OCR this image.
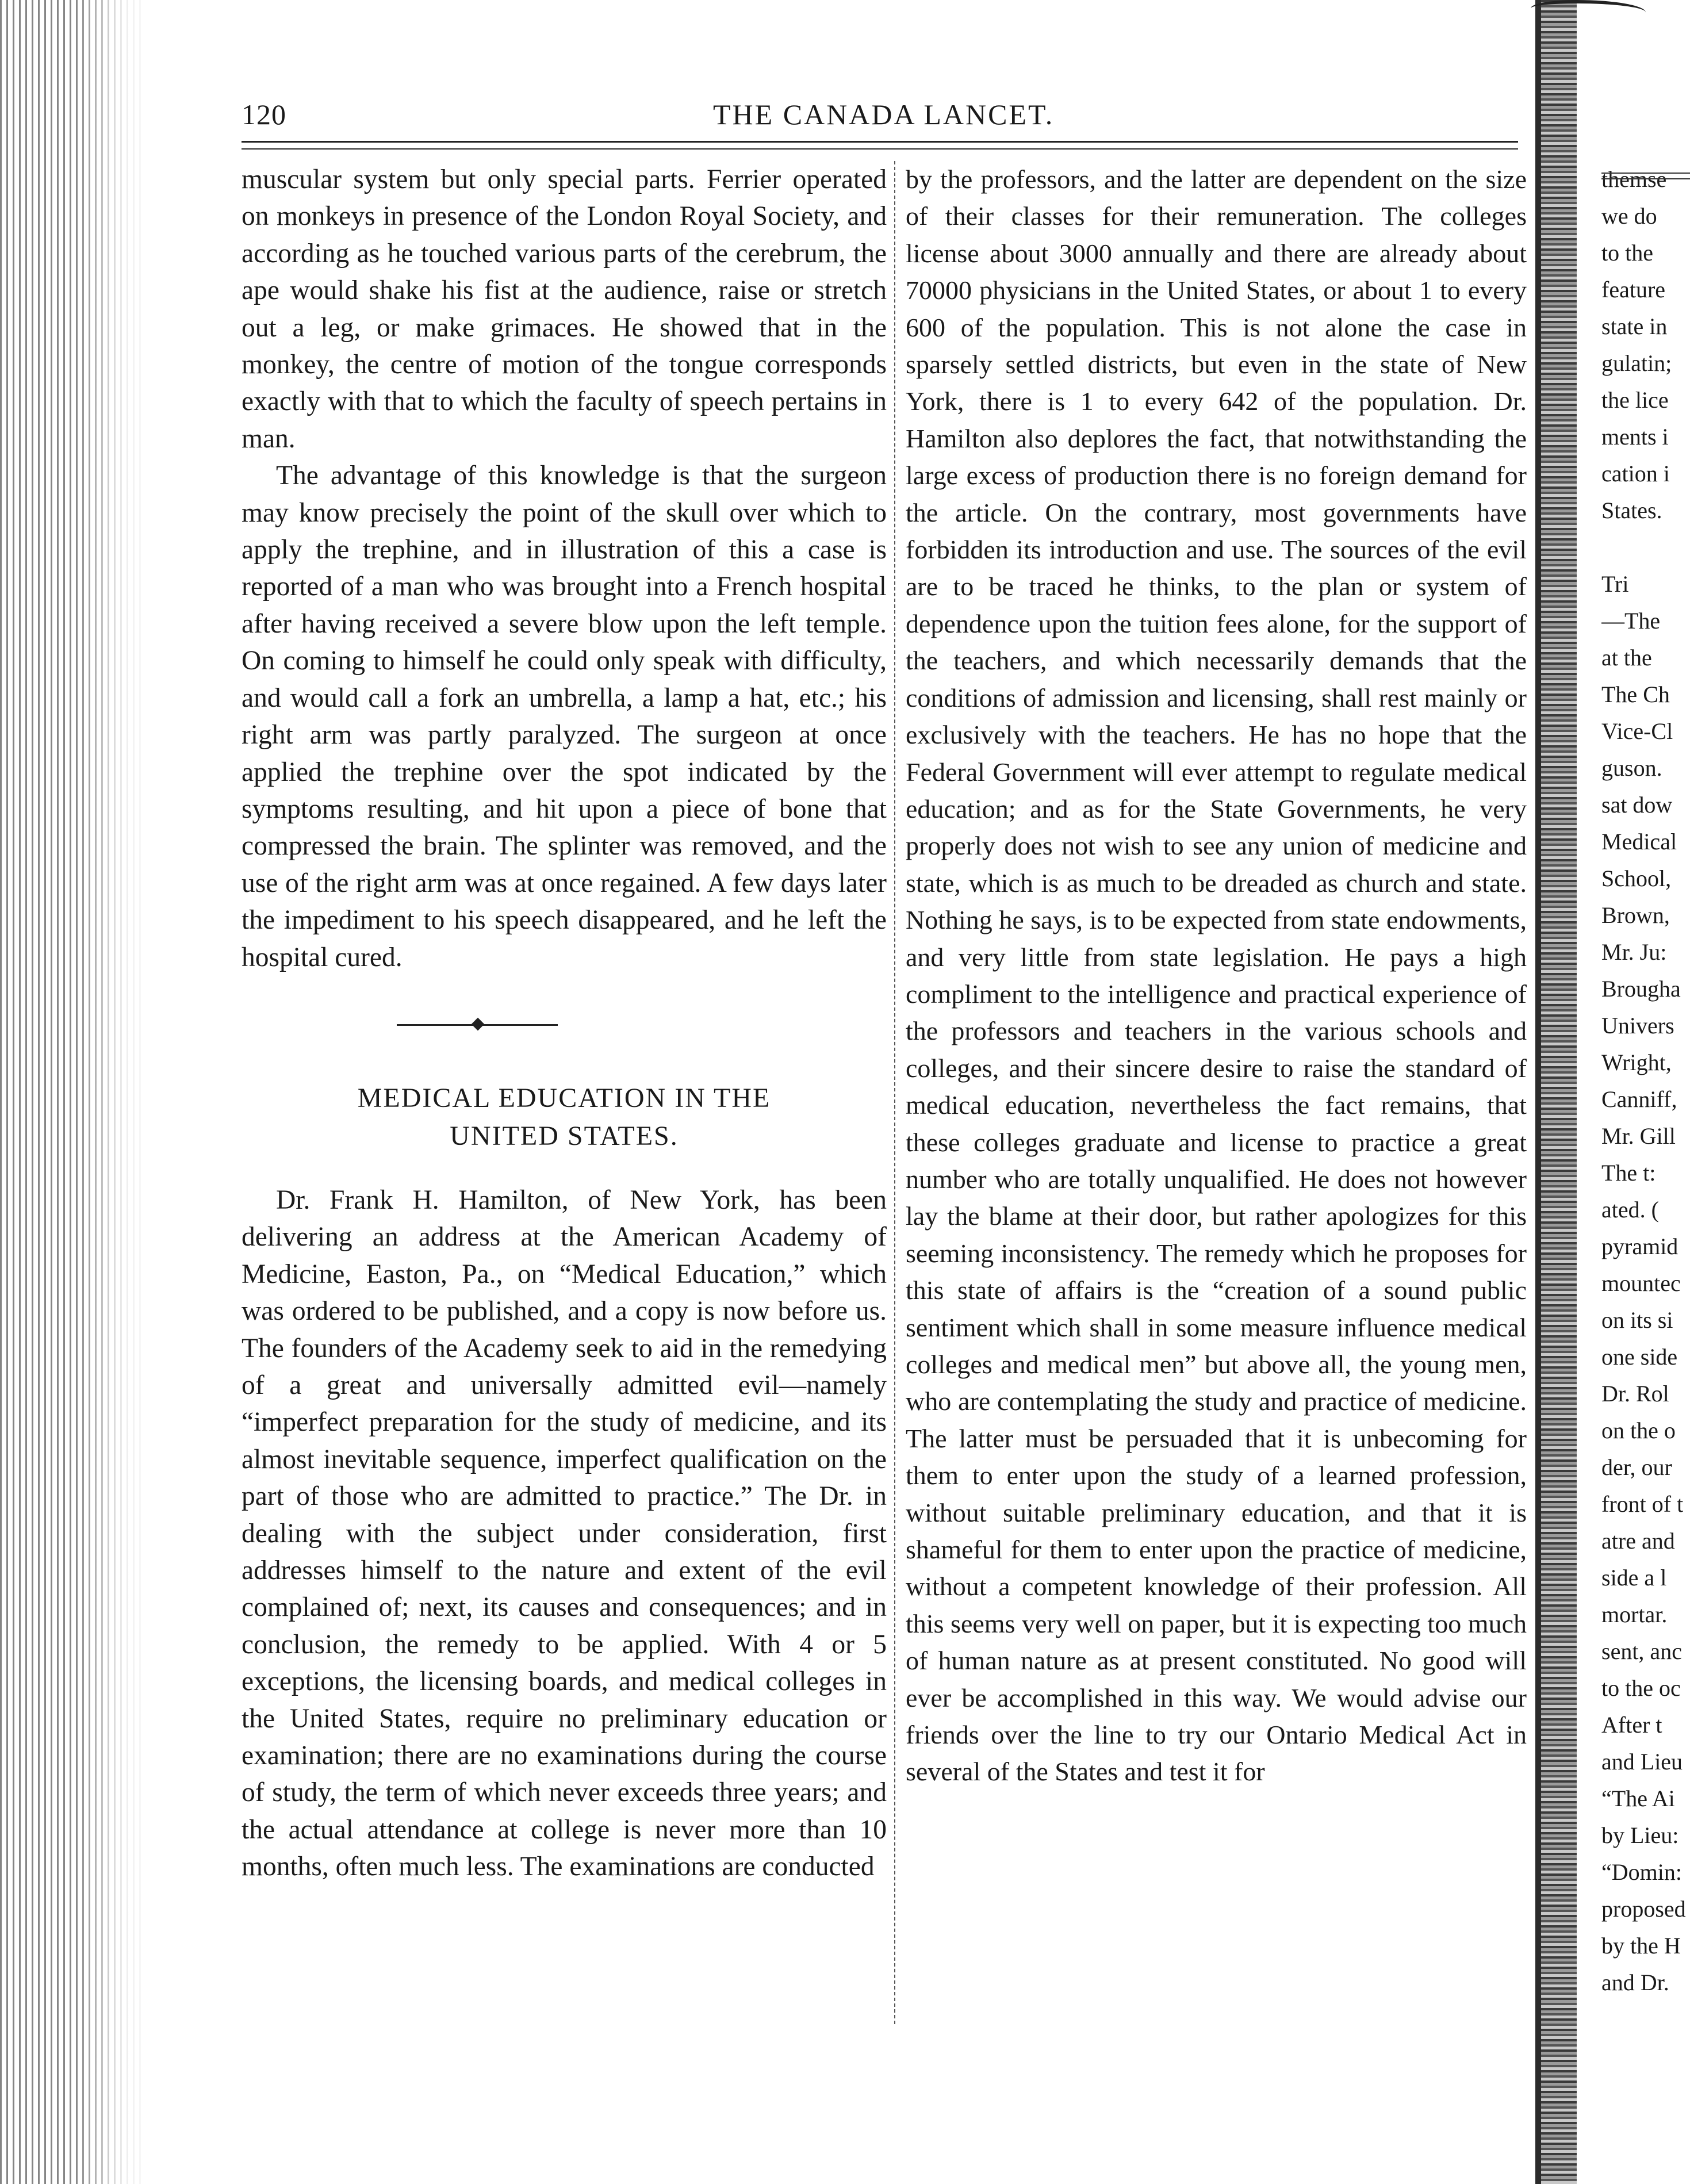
120	THE CANADA LANCET.

muscular system but only special parts. Ferrier operated on monkeys in presence of the London Royal Society, and according as he touched various parts of the cerebrum, the ape would shake his fist at the audience, raise or stretch out a leg, or make grimaces. He showed that in the monkey, the centre of motion of the tongue corresponds exactly with that to which the faculty of speech pertains in man.

The advantage of this knowledge is that the surgeon may know precisely the point of the skull over which to apply the trephine, and in illustration of this a case is reported of a man who was brought into a French hospital after having received a severe blow upon the left temple. On coming to himself he could only speak with difficulty, and would call a fork an umbrella, a lamp a hat, etc.; his right arm was partly paralyzed. The surgeon at once applied the trephine over the spot indicated by the symptoms resulting, and hit upon a piece of bone that compressed the brain. The splinter was removed, and the use of the right arm was at once regained. A few days later the impediment to his speech disappeared, and he left the hospital cured.

MEDICAL EDUCATION IN THE
UNITED STATES.

Dr. Frank H. Hamilton, of New York, has been delivering an address at the American Academy of Medicine, Easton, Pa., on “Medical Education,” which was ordered to be published, and a copy is now before us. The founders of the Academy seek to aid in the remedying of a great and universally admitted evil—namely “imperfect preparation for the study of medicine, and its almost inevitable sequence, imperfect qualification on the part of those who are admitted to practice.” The Dr. in dealing with the subject under consideration, first addresses himself to the nature and extent of the evil complained of; next, its causes and consequences; and in conclusion, the remedy to be applied. With 4 or 5 exceptions, the licensing boards, and medical colleges in the United States, require no preliminary education or examination; there are no examinations during the course of study, the term of which never exceeds three years; and the actual attendance at college is never more than 10 months, often much less. The examinations are conducted

by the professors, and the latter are dependent on the size of their classes for their remuneration. The colleges license about 3000 annually and there are already about 70000 physicians in the United States, or about 1 to every 600 of the population. This is not alone the case in sparsely settled districts, but even in the state of New York, there is 1 to every 642 of the population. Dr. Hamilton also deplores the fact, that notwithstanding the large excess of production there is no foreign demand for the article. On the contrary, most governments have forbidden its introduction and use. The sources of the evil are to be traced he thinks, to the plan or system of dependence upon the tuition fees alone, for the support of the teachers, and which necessarily demands that the conditions of admission and licensing, shall rest mainly or exclusively with the teachers. He has no hope that the Federal Government will ever attempt to regulate medical education; and as for the State Governments, he very properly does not wish to see any union of medicine and state, which is as much to be dreaded as church and state. Nothing he says, is to be expected from state endowments, and very little from state legislation. He pays a high compliment to the intelligence and practical experience of the professors and teachers in the various schools and colleges, and their sincere desire to raise the standard of medical education, nevertheless the fact remains, that these colleges graduate and license to practice a great number who are totally unqualified. He does not however lay the blame at their door, but rather apologizes for this seeming inconsistency. The remedy which he proposes for this state of affairs is the “creation of a sound public sentiment which shall in some measure influence medical colleges and medical men” but above all, the young men, who are contemplating the study and practice of medicine. The latter must be persuaded that it is unbecoming for them to enter upon the study of a learned profession, without suitable preliminary education, and that it is shameful for them to enter upon the practice of medicine, without a competent knowledge of their profession. All this seems very well on paper, but it is expecting too much of human nature as at present constituted. No good will ever be accomplished in this way. We would advise our friends over the line to try our Ontario Medical Act in several of the States and test it for

themse
we do
to the
feature
state in
gulatin;
the lice
ments i
cation i
States.
Tri
—The
at the
The Ch
Vice-Cl
guson.
sat dow
Medical
School,
Brown,
Mr. Ju:
Brougha
Univers
Wright,
Canniff,
Mr. Gill
The t:
ated. (
pyramid
mountec
on its si
one side
Dr. Rol
on the o
der, our
front of t
atre and
side a l
mortar.
sent, anc
to the oc
After t
and Lieu
“The Ai
by Lieu:
“Domin:
proposed
by the H
and Dr.
